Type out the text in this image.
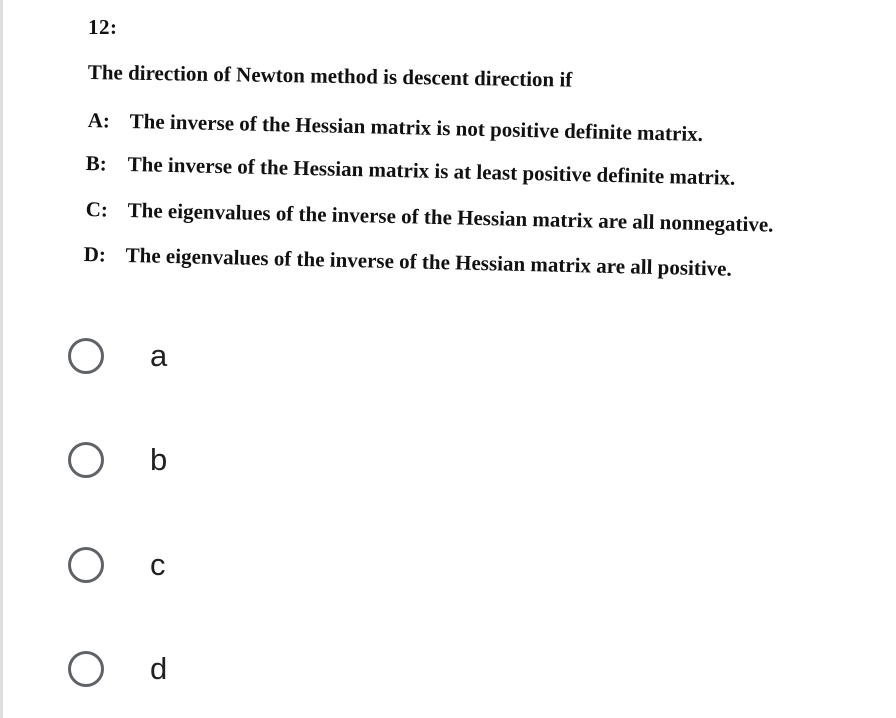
12:
The direction of Newton method is descent direction if
A: The inverse of the Hessian matrix is not positive definite matrix.
B: The inverse of the Hessian matrix is at least positive definite matrix.
C: The eigenvalues of the inverse of the Hessian matrix are all nonnegative.
D: The eigenvalues of the inverse of the Hessian matrix are all positive.
a
b
c
d
